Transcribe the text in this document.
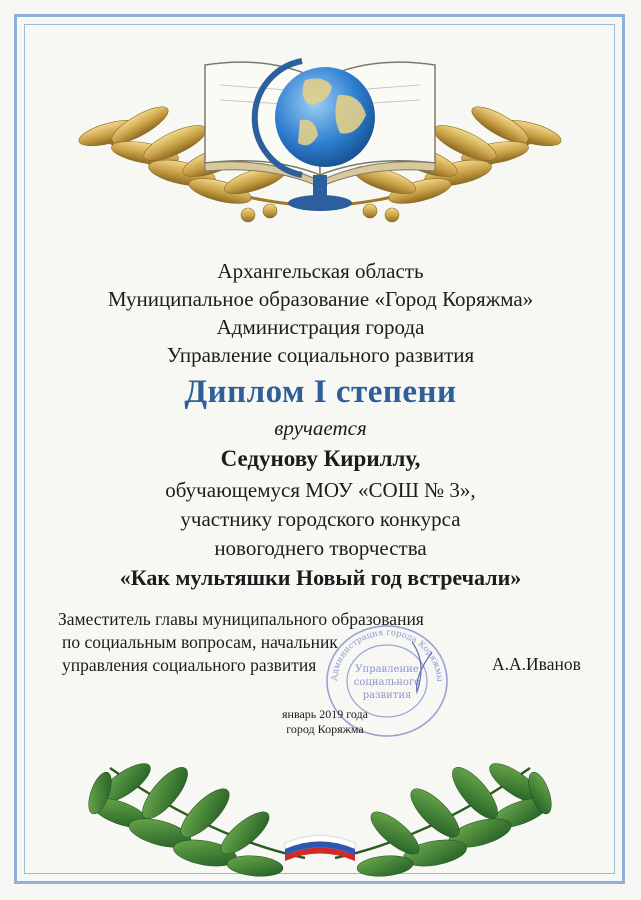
Архангельская область
Муниципальное образование «Город Коряжма»
Администрация города
Управление социального развития
Диплом I степени
вручается
Седунову Кириллу,
обучающемуся МОУ «СОШ № 3»,
участнику городского конкурса
новогоднего творчества
«Как мультяшки Новый год встречали»
Администрация города Коряжмы
Управление
социального
развития
Заместитель главы муниципального образования
по социальным вопросам, начальник
управления социального развития	А.А.Иванов
январь 2019 года
город Коряжма
